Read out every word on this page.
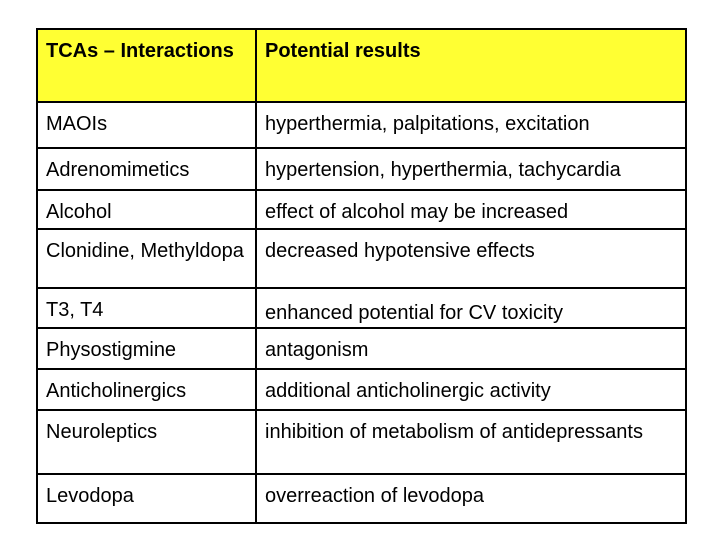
TCAs – Interactions	Potential results
MAOIs	hyperthermia, palpitations, excitation
Adrenomimetics	hypertension, hyperthermia, tachycardia
Alcohol	effect of alcohol may be increased
Clonidine, Methyldopa	decreased hypotensive effects
T3, T4	enhanced potential for CV toxicity
Physostigmine	antagonism
Anticholinergics	additional anticholinergic activity
Neuroleptics	inhibition of metabolism of antidepressants
Levodopa	overreaction of levodopa
